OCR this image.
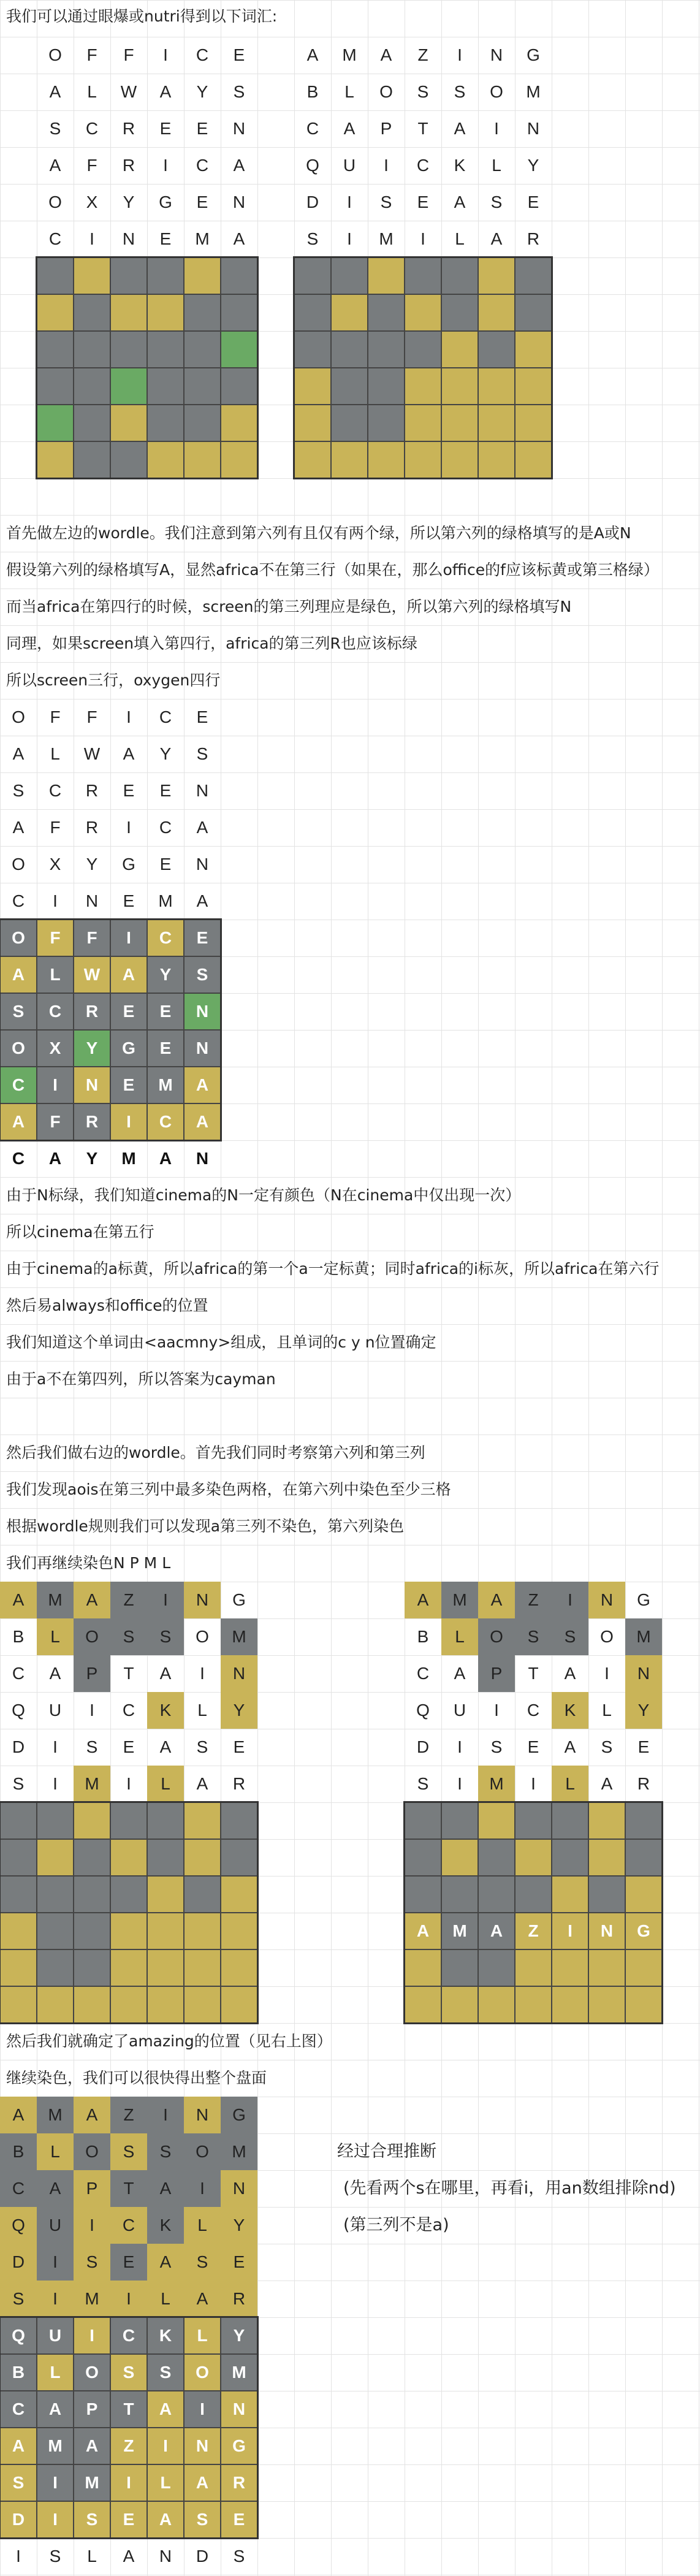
我们可以通过眼爆或nutri得到以下词汇:
O	F	F	I	C	E
A	L	W	A	Y	S
S	C	R	E	E	N
A	F	R	I	C	A
O	X	Y	G	E	N
C	I	N	E	M	A
A	M	A	Z	I	N	G
B	L	O	S	S	O	M
C	A	P	T	A	I	N
Q	U	I	C	K	L	Y
D	I	S	E	A	S	E
S	I	M	I	L	A	R
首先做左边的wordle。我们注意到第六列有且仅有两个绿，所以第六列的绿格填写的是A或N
假设第六列的绿格填写A，显然africa不在第三行（如果在，那么office的f应该标黄或第三格绿）
而当africa在第四行的时候，screen的第三列理应是绿色，所以第六列的绿格填写N
同理，如果screen填入第四行，africa的第三列R也应该标绿
所以screen三行，oxygen四行
O	F	F	I	C	E
A	L	W	A	Y	S
S	C	R	E	E	N
A	F	R	I	C	A
O	X	Y	G	E	N
C	I	N	E	M	A
O	F	F	I	C	E
A	L	W	A	Y	S
S	C	R	E	E	N
O	X	Y	G	E	N
C	I	N	E	M	A
A	F	R	I	C	A
C	A	Y	M	A	N
由于N标绿，我们知道cinema的N一定有颜色（N在cinema中仅出现一次）
所以cinema在第五行
由于cinema的a标黄，所以africa的第一个a一定标黄；同时africa的i标灰，所以africa在第六行
然后易always和office的位置
我们知道这个单词由<aacmny>组成，且单词的c y n位置确定
由于a不在第四列，所以答案为cayman
然后我们做右边的wordle。首先我们同时考察第六列和第三列
我们发现aois在第三列中最多染色两格，在第六列中染色至少三格
根据wordle规则我们可以发现a第三列不染色，第六列染色
我们再继续染色N P M L
A	M	A	Z	I	N	G
B	L	O	S	S	O	M
C	A	P	T	A	I	N
Q	U	I	C	K	L	Y
D	I	S	E	A	S	E
S	I	M	I	L	A	R
A	M	A	Z	I	N	G
B	L	O	S	S	O	M
C	A	P	T	A	I	N
Q	U	I	C	K	L	Y
D	I	S	E	A	S	E
S	I	M	I	L	A	R
A	M	A	Z	I	N	G
然后我们就确定了amazing的位置（见右上图）
继续染色，我们可以很快得出整个盘面
A	M	A	Z	I	N	G
B	L	O	S	S	O	M
C	A	P	T	A	I	N
Q	U	I	C	K	L	Y
D	I	S	E	A	S	E
S	I	M	I	L	A	R
Q	U	I	C	K	L	Y
B	L	O	S	S	O	M
C	A	P	T	A	I	N
A	M	A	Z	I	N	G
S	I	M	I	L	A	R
D	I	S	E	A	S	E
I	S	L	A	N	D	S
经过合理推断
(先看两个s在哪里，再看i，用an数组排除nd)
(第三列不是a)
